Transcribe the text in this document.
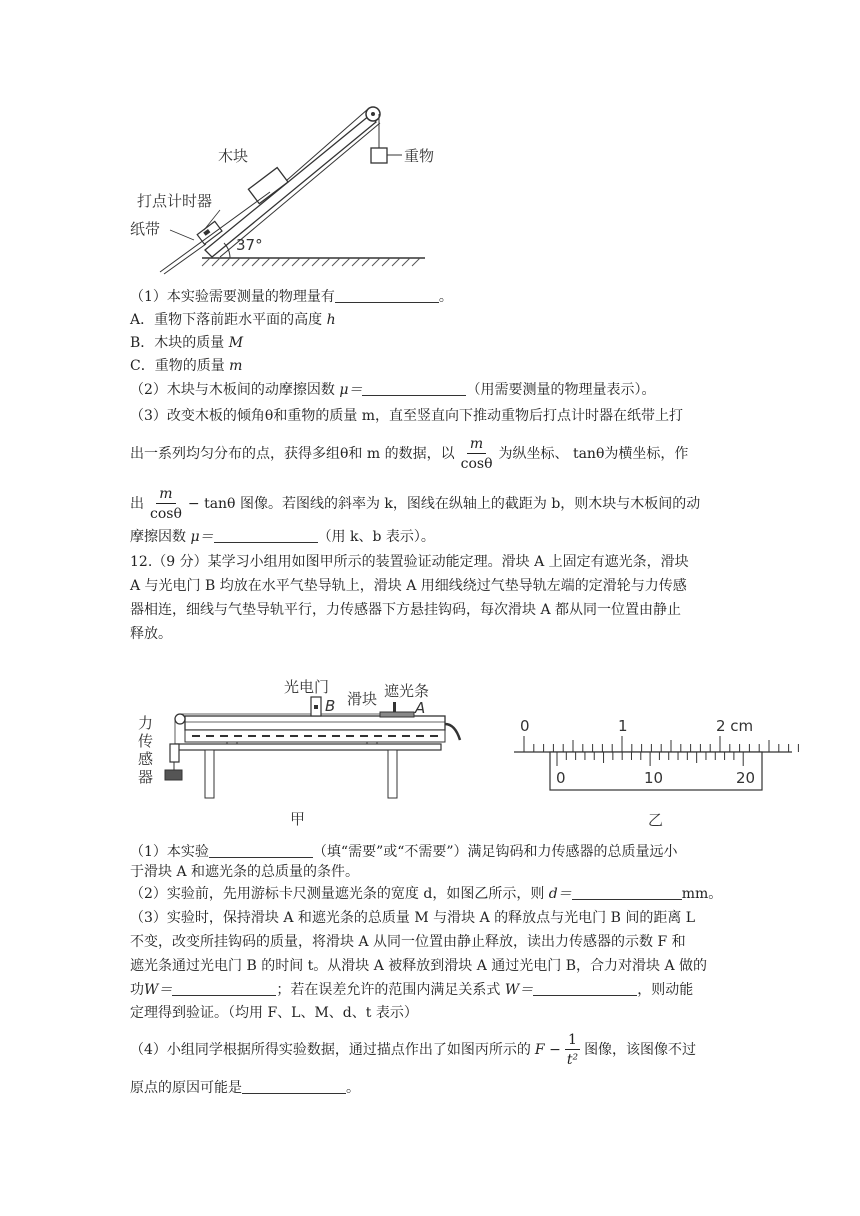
木块
打点计时器
纸带
重物
37°
（1）本实验需要测量的物理量有	。
A．重物下落前距水平面的高度 h
B．木块的质量 M
C．重物的质量 m
（2）木块与木板间的动摩擦因数 μ＝	（用需要测量的物理量表示）。
（3）改变木板的倾角θ和重物的质量 m，直至竖直向下推动重物后打点计时器在纸带上打
出一系列均匀分布的点，获得多组θ和 m 的数据，以 $\frac{m}{\cos\theta}$ 为纵坐标、 tanθ为横坐标，作
出 $\frac{m}{\cos\theta} - \tan\theta$ 图像。若图线的斜率为 k，图线在纵轴上的截距为 b，则木块与木板间的动
摩擦因数 μ＝	（用 k、b 表示）。
12.（9 分）某学习小组用如图甲所示的装置验证动能定理。滑块 A 上固定有遮光条，滑块
A 与光电门 B 均放在水平气垫导轨上，滑块 A 用细线绕过气垫导轨左端的定滑轮与力传感
器相连，细线与气垫导轨平行，力传感器下方悬挂钩码，每次滑块 A 都从同一位置由静止
释放。
光电门
B 滑块 遮光条
A
力
传
感
器
甲
0	1	2 cm
0	10	20
乙
（1）本实验	（填“需要”或“不需要”）满足钩码和力传感器的总质量远小
于滑块 A 和遮光条的总质量的条件。
（2）实验前，先用游标卡尺测量遮光条的宽度 d，如图乙所示，则 d＝	mm。
（3）实验时，保持滑块 A 和遮光条的总质量 M 与滑块 A 的释放点与光电门 B 间的距离 L
不变，改变所挂钩码的质量，将滑块 A 从同一位置由静止释放，读出力传感器的示数 F 和
遮光条通过光电门 B 的时间 t。从滑块 A 被释放到滑块 A 通过光电门 B，合力对滑块 A 做的
功W＝	；若在误差允许的范围内满足关系式 W＝	，则动能
定理得到验证。（均用 F、L、M、d、t 表示）
（4）小组同学根据所得实验数据，通过描点作出了如图丙所示的 $F - \frac{1}{\text{t²}}$ 图像，该图像不过
原点的原因可能是	。
